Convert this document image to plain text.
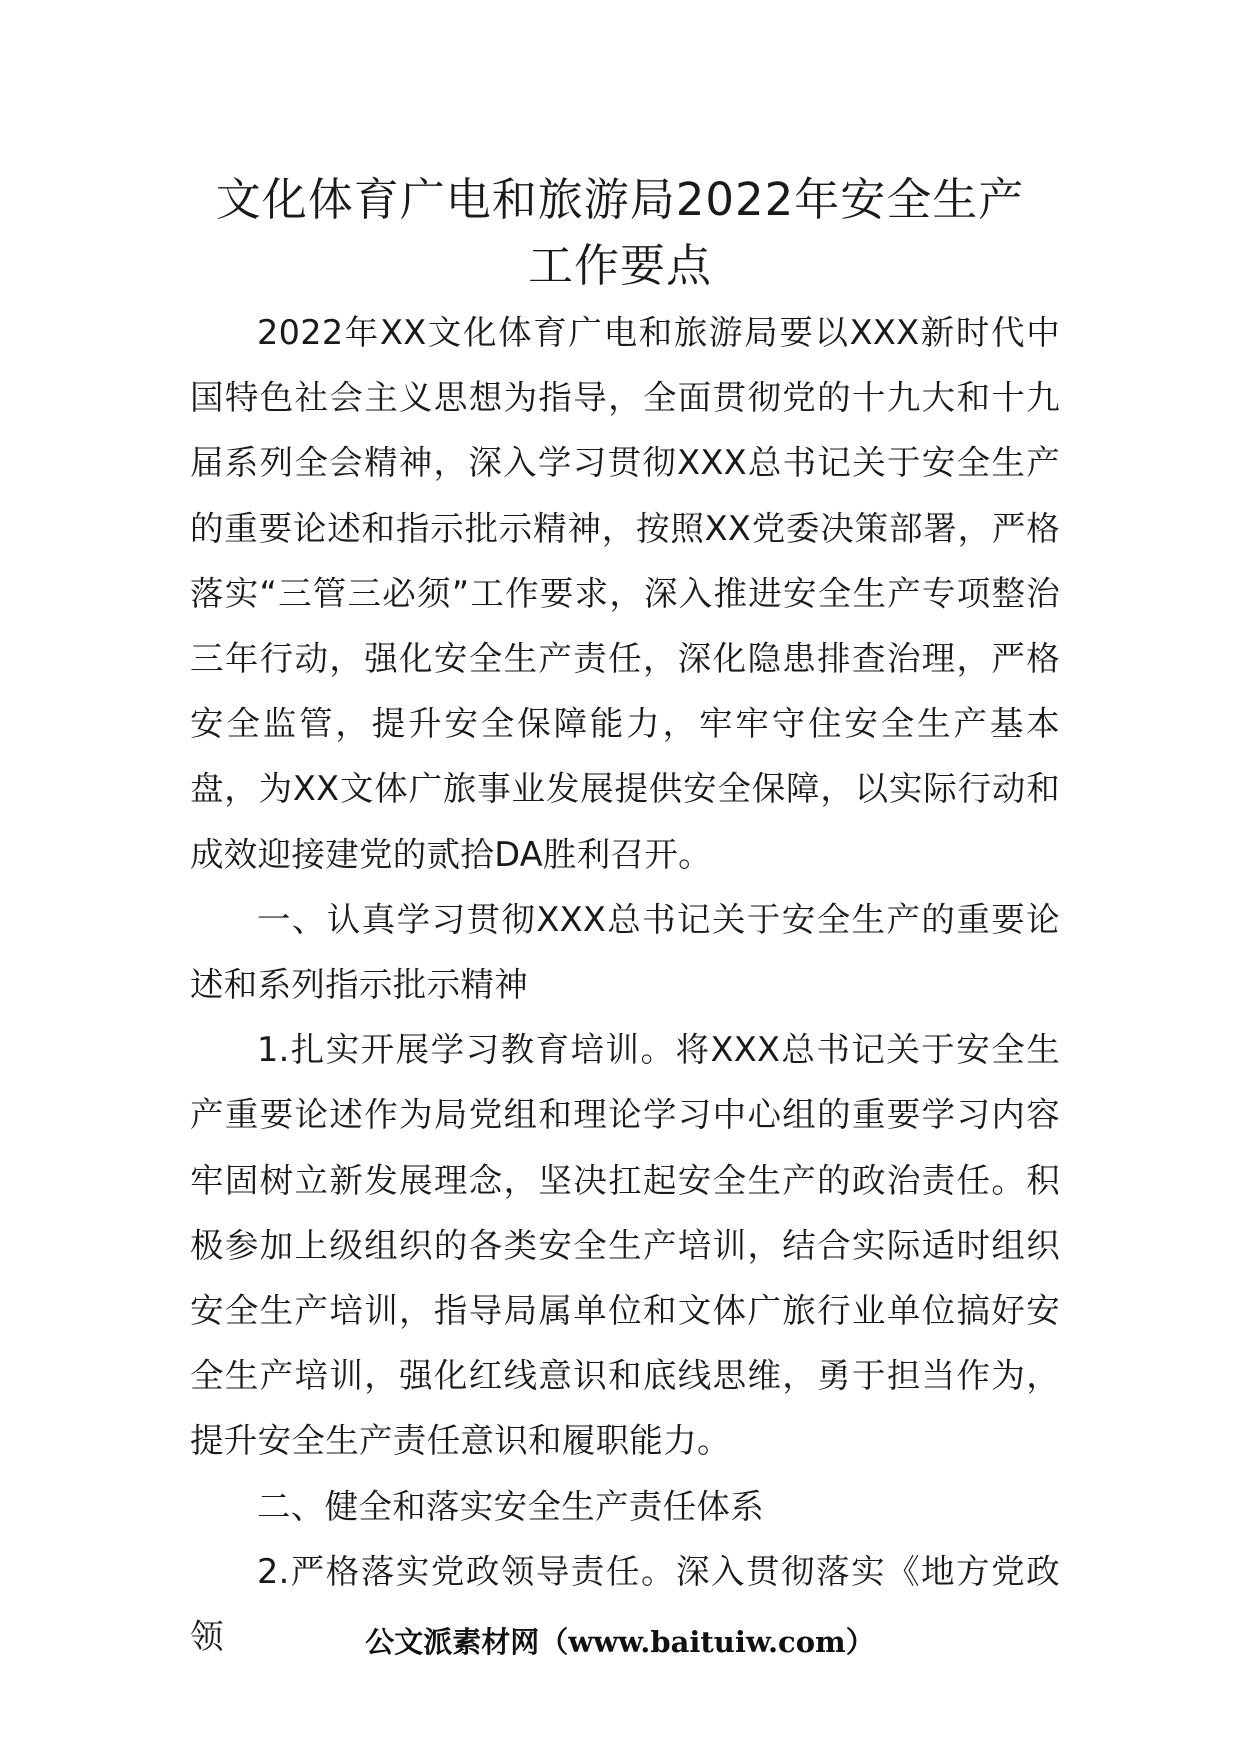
文化体育广电和旅游局2022年安全生产
工作要点

2022年XX文化体育广电和旅游局要以XXX新时代中国特色社会主义思想为指导，全面贯彻党的十九大和十九届系列全会精神，深入学习贯彻XXX总书记关于安全生产的重要论述和指示批示精神，按照XX党委决策部署，严格落实“三管三必须”工作要求，深入推进安全生产专项整治三年行动，强化安全生产责任，深化隐患排查治理，严格安全监管，提升安全保障能力，牢牢守住安全生产基本盘，为XX文体广旅事业发展提供安全保障，以实际行动和成效迎接建党的贰拾DA胜利召开。

一、认真学习贯彻XXX总书记关于安全生产的重要论述和系列指示批示精神

1.扎实开展学习教育培训。将XXX总书记关于安全生产重要论述作为局党组和理论学习中心组的重要学习内容牢固树立新发展理念，坚决扛起安全生产的政治责任。积极参加上级组织的各类安全生产培训，结合实际适时组织安全生产培训，指导局属单位和文体广旅行业单位搞好安全生产培训，强化红线意识和底线思维，勇于担当作为，提升安全生产责任意识和履职能力。

二、健全和落实安全生产责任体系

2.严格落实党政领导责任。深入贯彻落实《地方党政领	公文派素材网（www.baituiw.com）
